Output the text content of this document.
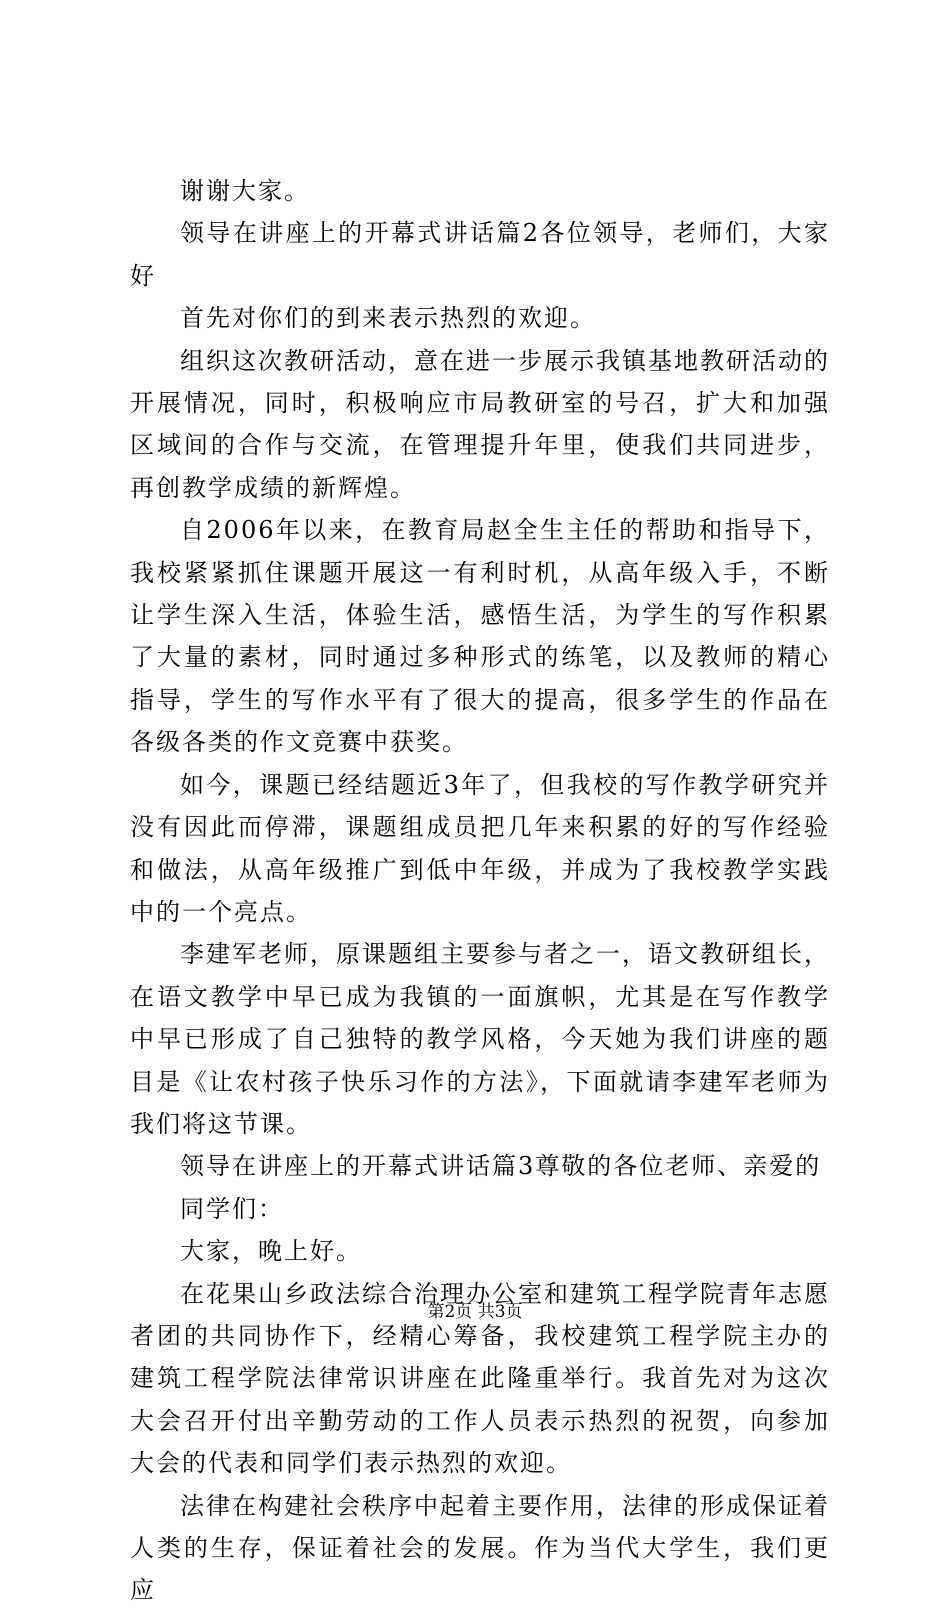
谢谢大家。

领导在讲座上的开幕式讲话篇2各位领导，老师们，大家好

首先对你们的到来表示热烈的欢迎。

组织这次教研活动，意在进一步展示我镇基地教研活动的开展情况，同时，积极响应市局教研室的号召，扩大和加强区域间的合作与交流，在管理提升年里，使我们共同进步，再创教学成绩的新辉煌。

自2006年以来，在教育局赵全生主任的帮助和指导下，我校紧紧抓住课题开展这一有利时机，从高年级入手，不断让学生深入生活，体验生活，感悟生活，为学生的写作积累了大量的素材，同时通过多种形式的练笔，以及教师的精心指导，学生的写作水平有了很大的提高，很多学生的作品在各级各类的作文竞赛中获奖。

如今，课题已经结题近3年了，但我校的写作教学研究并没有因此而停滞，课题组成员把几年来积累的好的写作经验和做法，从高年级推广到低中年级，并成为了我校教学实践中的一个亮点。

李建军老师，原课题组主要参与者之一，语文教研组长，在语文教学中早已成为我镇的一面旗帜，尤其是在写作教学中早已形成了自己独特的教学风格，今天她为我们讲座的题目是《让农村孩子快乐习作的方法》，下面就请李建军老师为我们将这节课。

领导在讲座上的开幕式讲话篇3尊敬的各位老师、亲爱的

同学们：

大家，晚上好。

在花果山乡政法综合治理办公室和建筑工程学院青年志愿者团的共同协作下，经精心筹备，我校建筑工程学院主办的建筑工程学院法律常识讲座在此隆重举行。我首先对为这次大会召开付出辛勤劳动的工作人员表示热烈的祝贺，向参加大会的代表和同学们表示热烈的欢迎。

法律在构建社会秩序中起着主要作用，法律的形成保证着人类的生存，保证着社会的发展。作为当代大学生，我们更应

第2页 共3页
